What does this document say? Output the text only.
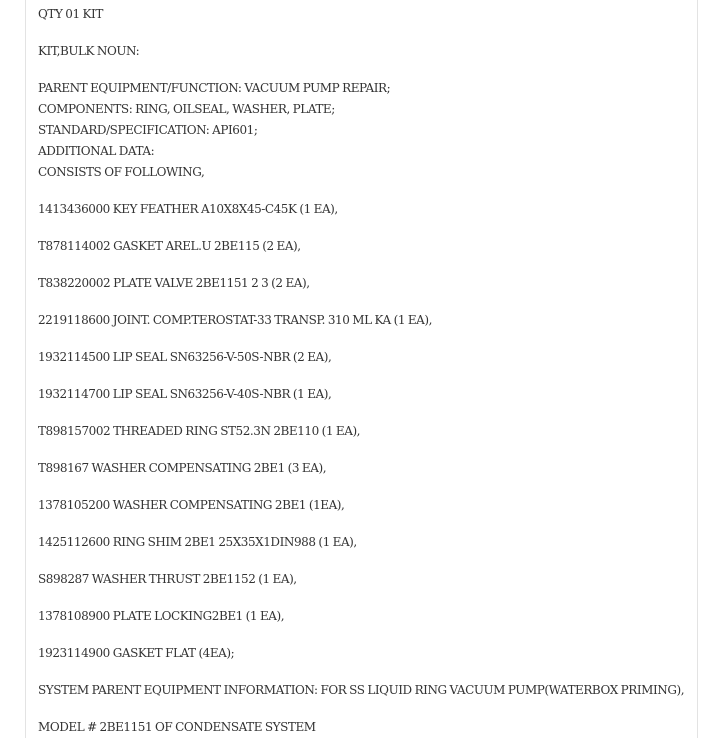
QTY 01 KIT
KIT,BULK NOUN:
PARENT EQUIPMENT/FUNCTION: VACUUM PUMP REPAIR;
COMPONENTS: RING, OILSEAL, WASHER, PLATE;
STANDARD/SPECIFICATION: API601;
ADDITIONAL DATA:
CONSISTS OF FOLLOWING,
1413436000 KEY FEATHER A10X8X45-C45K (1 EA),
T878114002 GASKET AREL.U 2BE115 (2 EA),
T838220002 PLATE VALVE 2BE1151 2 3 (2 EA),
2219118600 JOINT. COMP.TEROSTAT-33 TRANSP. 310 ML KA (1 EA),
1932114500 LIP SEAL SN63256-V-50S-NBR (2 EA),
1932114700 LIP SEAL SN63256-V-40S-NBR (1 EA),
T898157002 THREADED RING ST52.3N 2BE110 (1 EA),
T898167 WASHER COMPENSATING 2BE1 (3 EA),
1378105200 WASHER COMPENSATING 2BE1 (1EA),
1425112600 RING SHIM 2BE1 25X35X1DIN988 (1 EA),
S898287 WASHER THRUST 2BE1152 (1 EA),
1378108900 PLATE LOCKING2BE1 (1 EA),
1923114900 GASKET FLAT (4EA);
SYSTEM PARENT EQUIPMENT INFORMATION: FOR SS LIQUID RING VACUUM PUMP(WATERBOX PRIMING),
MODEL # 2BE1151 OF CONDENSATE SYSTEM
